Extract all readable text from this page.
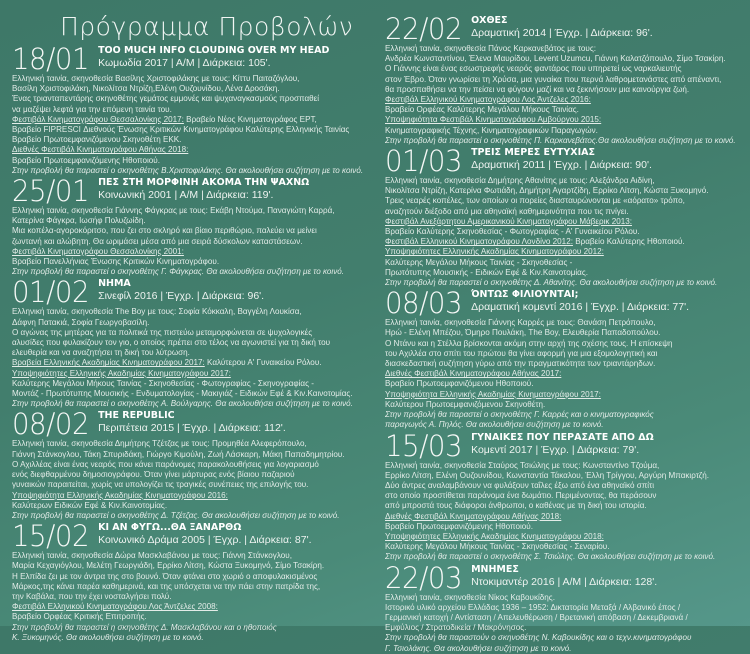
Πρόγραμμα Προβολών
18/01 TOO MUCH INFO CLOUDING OVER MY HEAD
Κωμωδία 2017 | Α/Μ | Διάρκεια: 105'.
Ελληνική ταινία, σκηνοθεσία Βασίλης Χριστοφιλάκης με τους: Κίττυ Παιταζόγλου,
Βασίλη Χριστοφιλάκη, Νικολίτσα Ντρίζη,Ελένη Ουζουνίδου, Λένα Δροσάκη.
Ένας τριανταπεντάρης σκηνοθέτης γεμάτος εμμονές και ψυχαναγκασμούς προσπαθεί
να μαζέψει λεφτά για την επόμενη ταινία του.
Φεστιβάλ Κινηματογράφου Θεσσαλονίκης 2017: Βραβείο Νέος Κινηματογράφος ΕΡΤ,
Βραβείο FIPRESCI Διεθνούς Ένωσης Κριτικών Κινηματογράφου Καλύτερης Ελληνικής Ταινίας
Βραβείο Πρωτοεμφανιζόμενου Σκηνοθέτη ΕΚΚ.
Διεθνές Φεστιβάλ Κινηματογράφου Αθήνας 2018:
Βραβείο Πρωτοεμφανιζόμενης Ηθοποιού.
Στην προβολή θα παραστεί ο σκηνοθέτης Β.Χριστοφιλάκης. Θα ακολουθήσει συζήτηση με το κοινό.
25/01 ΠΕΣ ΣΤΗ ΜΟΡΦΙΝΗ ΑΚΟΜΑ ΤΗΝ ΨΑΧΝΩ
Κοινωνική 2001 | Α/Μ | Διάρκεια: 119'.
Ελληνική ταινία, σκηνοθεσία Γιάννης Φάγκρας με τους: Εκάβη Ντούμα, Παναγιώτη Καρρά,
Κατερίνα Φάγκρα, Ιωσήφ Πολυζωίδη.
Μια κοπέλα-αγοροκόριτσο, που ζει στο σκληρό και βίαιο περιθώριο, παλεύει να μείνει
ζωντανή και αλώβητη. Θα ωριμάσει μέσα από μια σειρά δύσκολων καταστάσεων.
Φεστιβάλ Κινηματογράφου Θεσσαλονίκης 2001:
Βραβείο Πανελλήνιας Ένωσης Κριτικών Κινηματογράφου.
Στην προβολή θα παραστεί ο σκηνοθέτης Γ. Φάγκρας. Θα ακολουθήσει συζήτηση με το κοινό.
01/02 ΝΗΜΑ
Σινεφίλ 2016 | Έγχρ. | Διάρκεια: 96'.
Ελληνική ταινία, σκηνοθεσία The Boy με τους: Σοφία Κόκκαλη, Βαγγέλη Λουκίσα,
Δάφνη Πατακιά, Σοφία Γεωργοβασίλη.
Ο αγώνας της μητέρας για τα πολιτικά της πιστεύω μεταμορφώνεται σε ψυχολογικές
αλυσίδες που φυλακίζουν τον γιο, ο οποίος πρέπει στο τέλος να αγωνιστεί για τη δική του
ελευθερία και να αναζητήσει τη δική του λύτρωση.
Βραβεία Ελληνικής Ακαδημίας Κινηματογράφου 2017: Καλύτερου Α' Γυναικείου Ρόλου.
Υποψηφιότητες Ελληνικής Ακαδημίας Κινηματογράφου 2017:
Καλύτερης Μεγάλου Μήκους Ταινίας - Σκηνοθεσίας - Φωτογραφίας - Σκηνογραφίας -
Μοντάζ - Πρωτότυπης Μουσικής - Ενδυματολογίας - Μακιγιάζ - Ειδικών Εφέ & Κιν.Καινοτομίας.
Στην προβολή θα παραστεί ο σκηνοθέτης Α. Βούλγαρης. Θα ακολουθήσει συζήτηση με το κοινό.
08/02 THE REPUBLIC
Περιπέτεια 2015 | Έγχρ. | Διάρκεια: 112'.
Ελληνική ταινία, σκηνοθεσία Δημήτρης Τζέτζας με τους: Προμηθέα Αλεφερόπουλο,
Γιάννη Στάνκογλου, Τάκη Σπυριδάκη, Γιώργο Κιμούλη, Ζωή Λάσκαρη, Μάκη Παπαδημητρίου.
Ο Αχιλλέας είναι ένας νεαρός που κάνει παράνομες παρακολουθήσεις για λογαριασμό
ενός διεφθαρμένου δημοσιογράφου. Όταν γίνει μάρτυρας ενός βίαιου παζαριού
γυναικών παραιτείται, χωρίς να υπολογίζει τις τραγικές συνέπειες της επιλογής του.
Υποψηφιότητα Ελληνικής Ακαδημίας Κινηματογράφου 2016:
Καλύτερων Ειδικών Εφέ & Κιν.Καινοτομίας.
Στην προβολή θα παραστεί ο σκηνοθέτης Δ. Τζέτζας. Θα ακολουθήσει συζήτηση με το κοινό.
15/02 ΚΙ ΑΝ ΦΥΓΩ...ΘΑ ΞΑΝΑΡΘΩ
Κοινωνικό Δράμα 2005 | Έγχρ. | Διάρκεια: 87'.
Ελληνική ταινία, σκηνοθεσία Δώρα Μασκλαβάνου με τους: Γιάννη Στάνκογλου,
Μαρία Κεχαγιόγλου, Μελέτη Γεωργιάδη, Ερρίκο Λίτση, Κώστα Ξυκομηνό, Σίμο Τσακίρη.
Η Ελπίδα ζει με τον άντρα της στο βουνό. Όταν φτάνει στο χωριό ο αποφυλακισμένος
Μάρκος,της κάνει παρέα καθημερινά, και της υπόσχεται να την πάει στην πατρίδα της,
την Καβάλα, που την έχει νοσταλγήσει πολύ.
Φεστιβάλ Ελληνικού Κινηματογράφου Λος Άντζελες 2008:
Βραβείο Ορφέας Κριτικής Επιτροπής.
Στην προβολή θα παραστεί η σκηνοθέτης Δ. Μασκλαβάνου και ο ηθοποιός
Κ. Ξυκομηνός. Θα ακολουθήσει συζήτηση με το κοινό.
22/02 ΟΧΘΕΣ
Δραματική 2014 | Έγχρ. | Διάρκεια: 96'.
Ελληνική ταινία, σκηνοθεσία Πάνος Καρκανεβάτος με τους:
Ανδρέα Κωνσταντίνου, Έλενα Μαυρίδου, Levent Uzumcu, Γιάννη Καλατζόπουλο, Σίμο Τσακίρη.
Ο Γιάννης είναι ένας εσωστρεφής νεαρός φαντάρος που υπηρετεί ως ναρκαλιευτής
στον Έβρο. Όταν γνωρίσει τη Χρύσα, μια γυναίκα που περνά λαθρομετανάστες από απέναντι,
θα προσπαθήσει να την πείσει να φύγουν μαζί και να ξεκινήσουν μια καινούργια ζωή.
Φεστιβάλ Ελληνικού Κινηματογράφου Λος Άντζελες 2016:
Βραβείο Ορφέας Καλύτερης Μεγάλου Μήκους Ταινίας.
Υποψηφιότητα Φεστιβάλ Κινηματογράφου Αμβούργου 2015:
Κινηματογραφικής Τέχνης, Κινηματογραφικών Παραγωγών.
Στην προβολή θα παραστεί ο σκηνοθέτης Π. Καρκανεβάτος.Θα ακολουθήσει συζήτηση με το κοινό.
01/03 ΤΡΕΙΣ ΜΕΡΕΣ ΕΥΤΥΧΙΑΣ
Δραματική 2011 | Έγχρ. | Διάρκεια: 90'.
Ελληνική ταινία, σκηνοθεσία Δημήτρης Αθανίτης με τους: Αλεξάνδρα Αιδίνη,
Νικολίτσα Ντρίζη, Κατερίνα Φωτιάδη, Δημήτρη Αγαρτζίδη, Ερρίκο Λίτση, Κώστα Ξυκομηνό.
Τρεις νεαρές κοπέλες, των οποίων οι πορείες διασταυρώνονται με «αόρατο» τρόπο,
αναζητούν διέξοδο από μια αθηναϊκή καθημερινότητα που τις πνίγει.
Φεστιβάλ Ανεξάρτητου Αμερικανικού Κινηματογράφου Μάβερικ 2013:
Βραβείο Καλύτερης Σκηνοθεσίας - Φωτογραφίας - Α' Γυναικείου Ρόλου.
Φεστιβάλ Ελληνικού Κινηματογράφου Λονδίνο 2012: Βραβείο Καλύτερης Ηθοποιού.
Υποψηφιότητες Ελληνικής Ακαδημίας Κινηματογράφου 2012:
Καλύτερης Μεγάλου Μήκους Ταινίας - Σκηνοθεσίας -
Πρωτότυπης Μουσικής - Ειδικών Εφέ & Κιν.Καινοτομίας.
Στην προβολή θα παραστεί ο σκηνοθέτης Δ. Αθανίτης. Θα ακολουθήσει συζήτηση με το κοινό.
08/03 ΌΝΤΩΣ ΦΙΛΙΟΥΝΤΑΙ;
Δραματική κομεντί 2016 | Έγχρ. | Διάρκεια: 77'.
Ελληνική ταινία, σκηνοθεσία Γιάννης Καρρές με τους: Θανάση Πετρόπουλο,
Ηρώ - Ελένη Μπέζου, Όμηρο Πουλάκη, The Boy, Ελευθερία Παπαδοπούλου.
Ο Ντάνυ και η Στέλλα βρίσκονται ακόμη στην αρχή της σχέσης τους. Η επίσκεψη
του Αχιλλέα στο σπίτι του πρώτου θα γίνει αφορμή για μια εξομολογητική και
διασκεδαστική συζήτηση γύρω από την πραγματικότητα των τριαντάρηδων.
Διεθνές Φεστιβάλ Κινηματογράφου Αθήνας 2017:
Βραβείο Πρωτοεμφανιζόμενου Ηθοποιού.
Υποψηφιότητα Ελληνικής Ακαδημίας Κινηματογράφου 2017:
Καλύτερου Πρωτοεμφανιζόμενου Σκηνοθέτη.
Στην προβολή θα παραστεί ο σκηνοθέτης Γ. Καρρές και ο κινηματογραφικός
παραγωγός Α. Πηλός. Θα ακολουθήσει συζήτηση με το κοινό.
15/03 ΓΥΝΑΙΚΕΣ ΠΟΥ ΠΕΡΑΣΑΤΕ ΑΠΟ ΔΩ
Κομεντί 2017 | Έγχρ. | Διάρκεια: 79'.
Ελληνική ταινία, σκηνοθεσία Σταύρος Τσιώλης με τους: Κωνσταντίνο Τζούμα,
Ερρίκο Λίτση, Ελένη Ουζουνίδου, Κωνσταντία Τάκαλου, Έλλη Τρίγγου, Αργύρη Μπακιρτζή.
Δύο άντρες αναλαμβάνουν να φυλάξουν ταΐλες έξω από ένα αθηναϊκό σπίτι
στο οποίο προστίθεται παράνομα ένα δωμάτιο. Περιμένοντας, θα περάσουν
από μπροστά τους διάφοροι άνθρωποι, ο καθένας με τη δική του ιστορία.
Διεθνές Φεστιβάλ Κινηματογράφου Αθήνας 2018:
Βραβείο Πρωτοεμφανιζόμενης Ηθοποιού.
Υποψηφιότητες Ελληνικής Ακαδημίας Κινηματογράφου 2018:
Καλύτερης Μεγάλου Μήκους Ταινίας - Σκηνοθεσίας - Σεναρίου.
Στην προβολή θα παραστεί ο σκηνοθέτης Σ. Τσιώλης. Θα ακολουθήσει συζήτηση με το κοινό.
22/03 ΜΝΗΜΕΣ
Ντοκιμαντέρ 2016 | Α/Μ | Διάρκεια: 128'.
Ελληνική ταινία, σκηνοθεσία Νίκος Καβουκίδης.
Ιστορικό υλικό αρχείου Ελλάδας 1936 – 1952: Δικτατορία Μεταξά / Αλβανικό έπος /
Γερμανική κατοχή / Αντίσταση / Απελευθέρωση / Βρετανική απόβαση / Δεκεμβριανά /
Εμφύλιος / Στρατοδικεία / Μακρόνησος.
Στην προβολή θα παραστούν ο σκηνοθέτης Ν. Καβουκίδης και ο τεχν.κινηματογράφου
Γ. Τσιολάκης. Θα ακολουθήσει συζήτηση με το κοινό.
